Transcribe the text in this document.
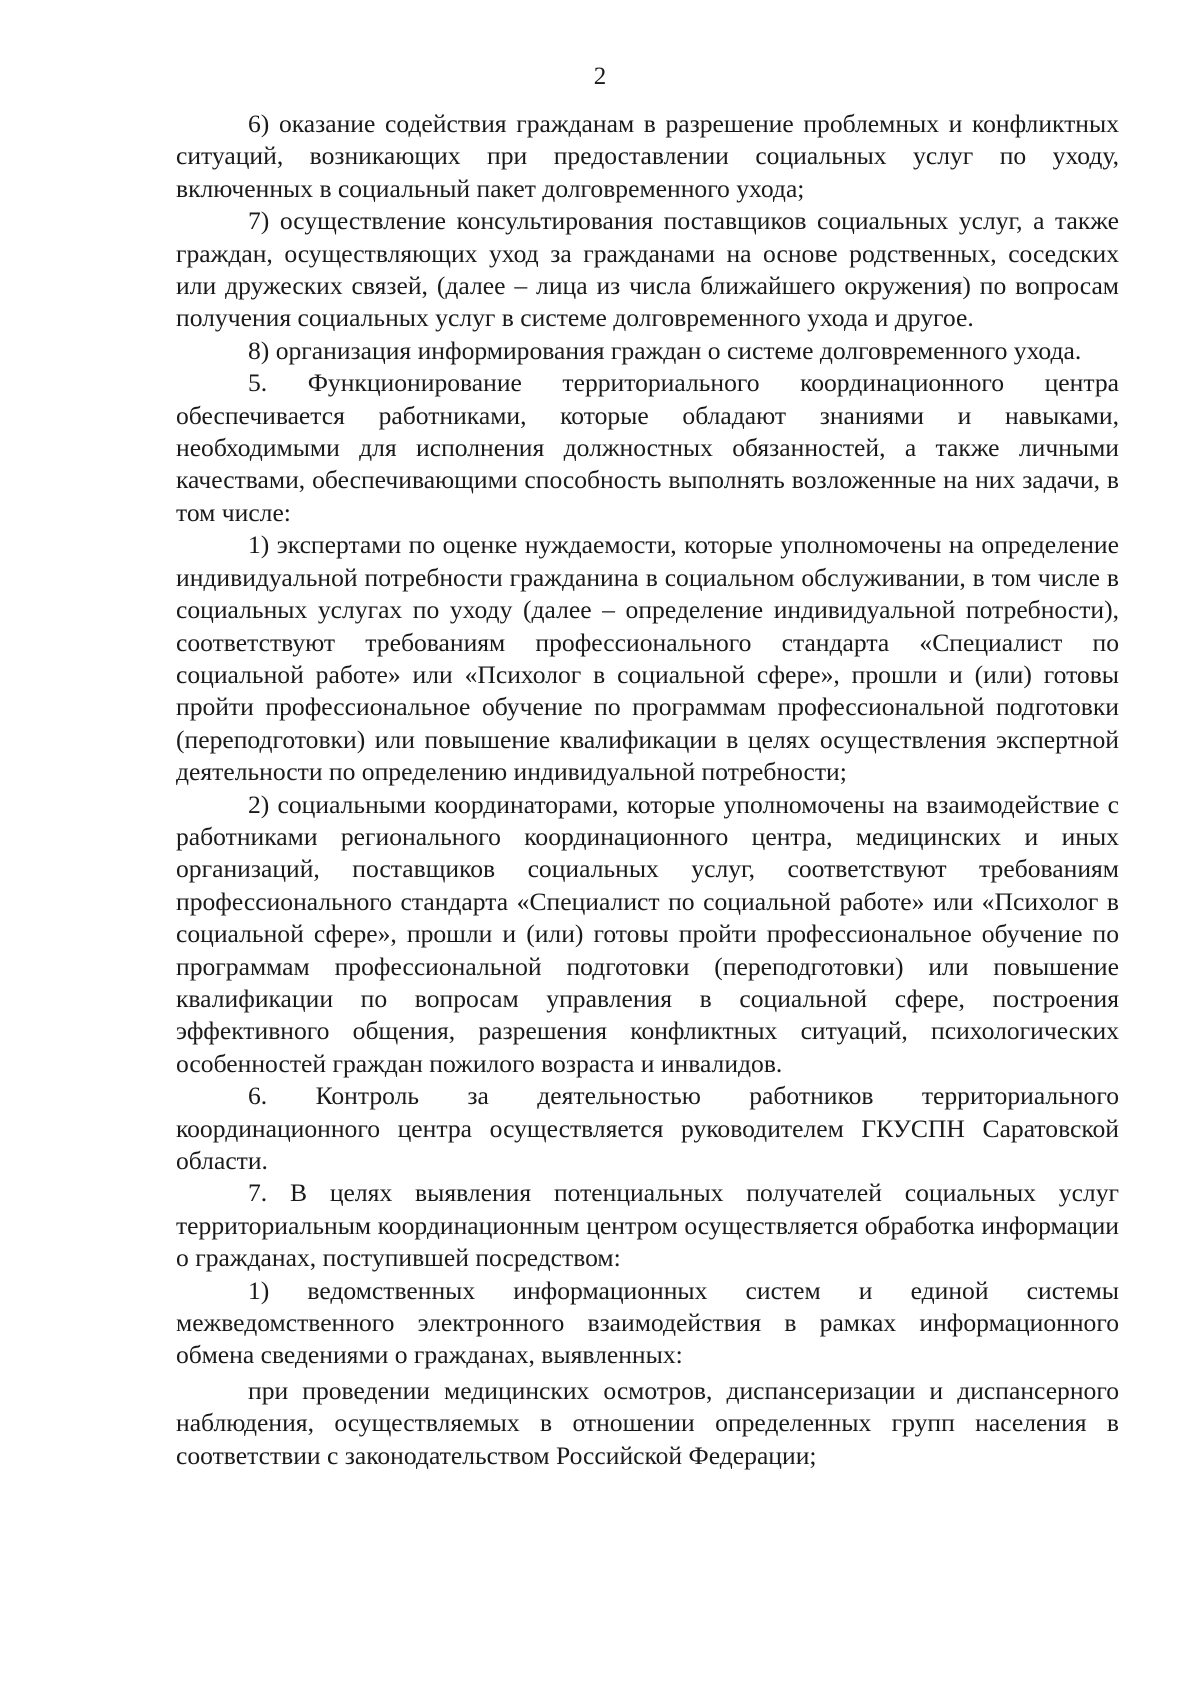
2

6) оказание содействия гражданам в разрешение проблемных и конфликтных ситуаций, возникающих при предоставлении социальных услуг по уходу, включенных в социальный пакет долговременного ухода;

7) осуществление консультирования поставщиков социальных услуг, а также граждан, осуществляющих уход за гражданами на основе родственных, соседских или дружеских связей, (далее – лица из числа ближайшего окружения) по вопросам получения социальных услуг в системе долговременного ухода и другое.

8) организация информирования граждан о системе долговременного ухода.

5. Функционирование территориального координационного центра обеспечивается работниками, которые обладают знаниями и навыками, необходимыми для исполнения должностных обязанностей, а также личными качествами, обеспечивающими способность выполнять возложенные на них задачи, в том числе:

1) экспертами по оценке нуждаемости, которые уполномочены на определение индивидуальной потребности гражданина в социальном обслуживании, в том числе в социальных услугах по уходу (далее – определение индивидуальной потребности), соответствуют требованиям профессионального стандарта «Специалист по социальной работе» или «Психолог в социальной сфере», прошли и (или) готовы пройти профессиональное обучение по программам профессиональной подготовки (переподготовки) или повышение квалификации в целях осуществления экспертной деятельности по определению индивидуальной потребности;

2) социальными координаторами, которые уполномочены на взаимодействие с работниками регионального координационного центра, медицинских и иных организаций, поставщиков социальных услуг, соответствуют требованиям профессионального стандарта «Специалист по социальной работе» или «Психолог в социальной сфере», прошли и (или) готовы пройти профессиональное обучение по программам профессиональной подготовки (переподготовки) или повышение квалификации по вопросам управления в социальной сфере, построения эффективного общения, разрешения конфликтных ситуаций, психологических особенностей граждан пожилого возраста и инвалидов.

6. Контроль за деятельностью работников территориального координационного центра осуществляется руководителем ГКУСПН Саратовской области.

7. В целях выявления потенциальных получателей социальных услуг территориальным координационным центром осуществляется обработка информации о гражданах, поступившей посредством:

1) ведомственных информационных систем и единой системы межведомственного электронного взаимодействия в рамках информационного обмена сведениями о гражданах, выявленных:

при проведении медицинских осмотров, диспансеризации и диспансерного наблюдения, осуществляемых в отношении определенных групп населения в соответствии с законодательством Российской Федерации;
